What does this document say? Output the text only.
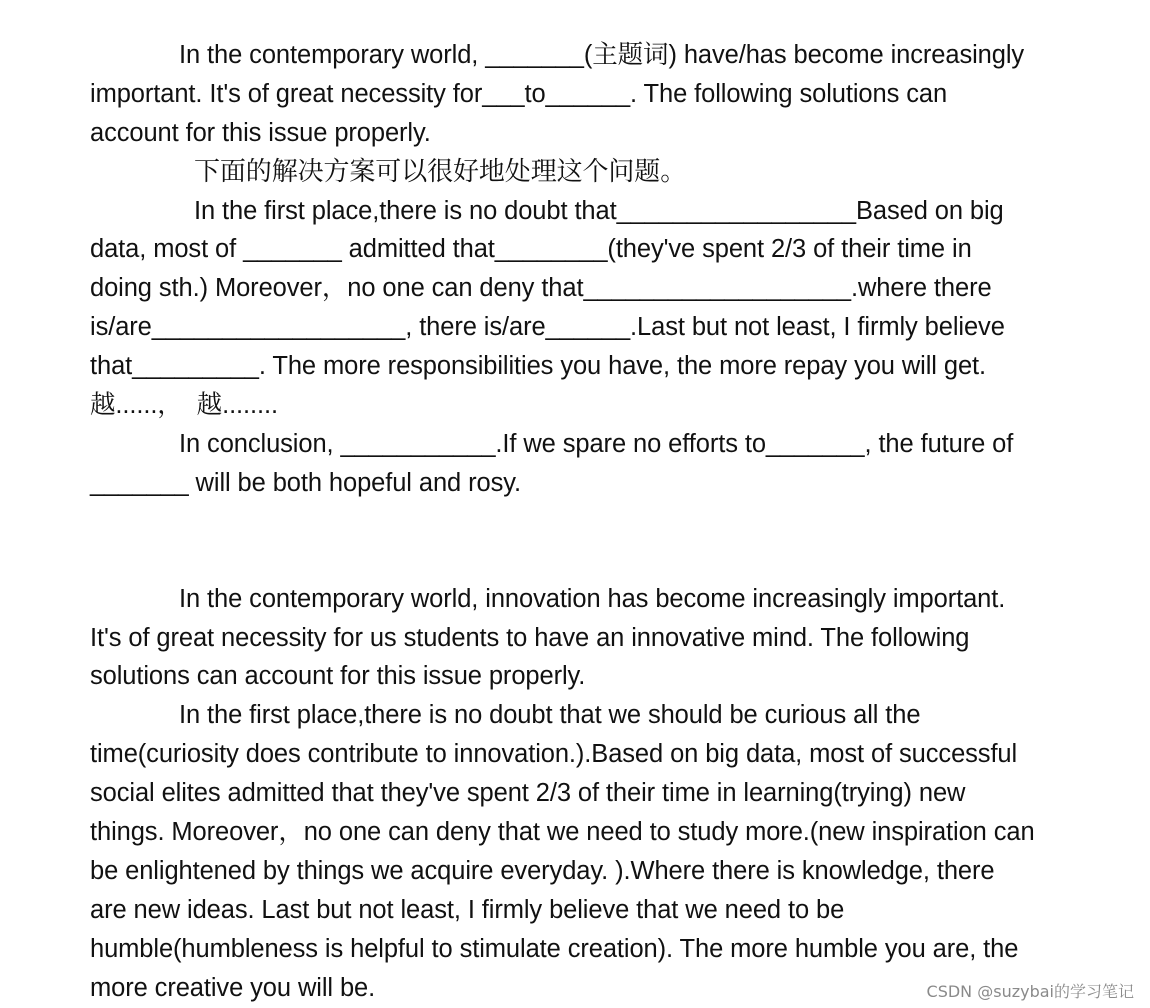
In the contemporary world, _______(主题词) have/has become increasingly
important. It's of great necessity for___to______. The following solutions can
account for this issue properly.
下面的解决方案可以很好地处理这个问题。
In the first place,there is no doubt that_________________Based on big
data, most of _______ admitted that________(they've spent 2/3 of their time in
doing sth.) Moreover，no one can deny that___________________.where there
is/are__________________, there is/are______.Last but not least, I firmly believe
that_________. The more responsibilities you have, the more repay you will get.
越......，  越........
In conclusion, ___________.If we spare no efforts to_______, the future of
_______ will be both hopeful and rosy.
In the contemporary world, innovation has become increasingly important.
It's of great necessity for us students to have an innovative mind. The following
solutions can account for this issue properly.
In the first place,there is no doubt that we should be curious all the
time(curiosity does contribute to innovation.).Based on big data, most of successful
social elites admitted that they've spent 2/3 of their time in learning(trying) new
things. Moreover，no one can deny that we need to study more.(new inspiration can
be enlightened by things we acquire everyday. ).Where there is knowledge, there
are new ideas. Last but not least, I firmly believe that we need to be
humble(humbleness is helpful to stimulate creation). The more humble you are, the
more creative you will be.	CSDN @suzybai的学习笔记
